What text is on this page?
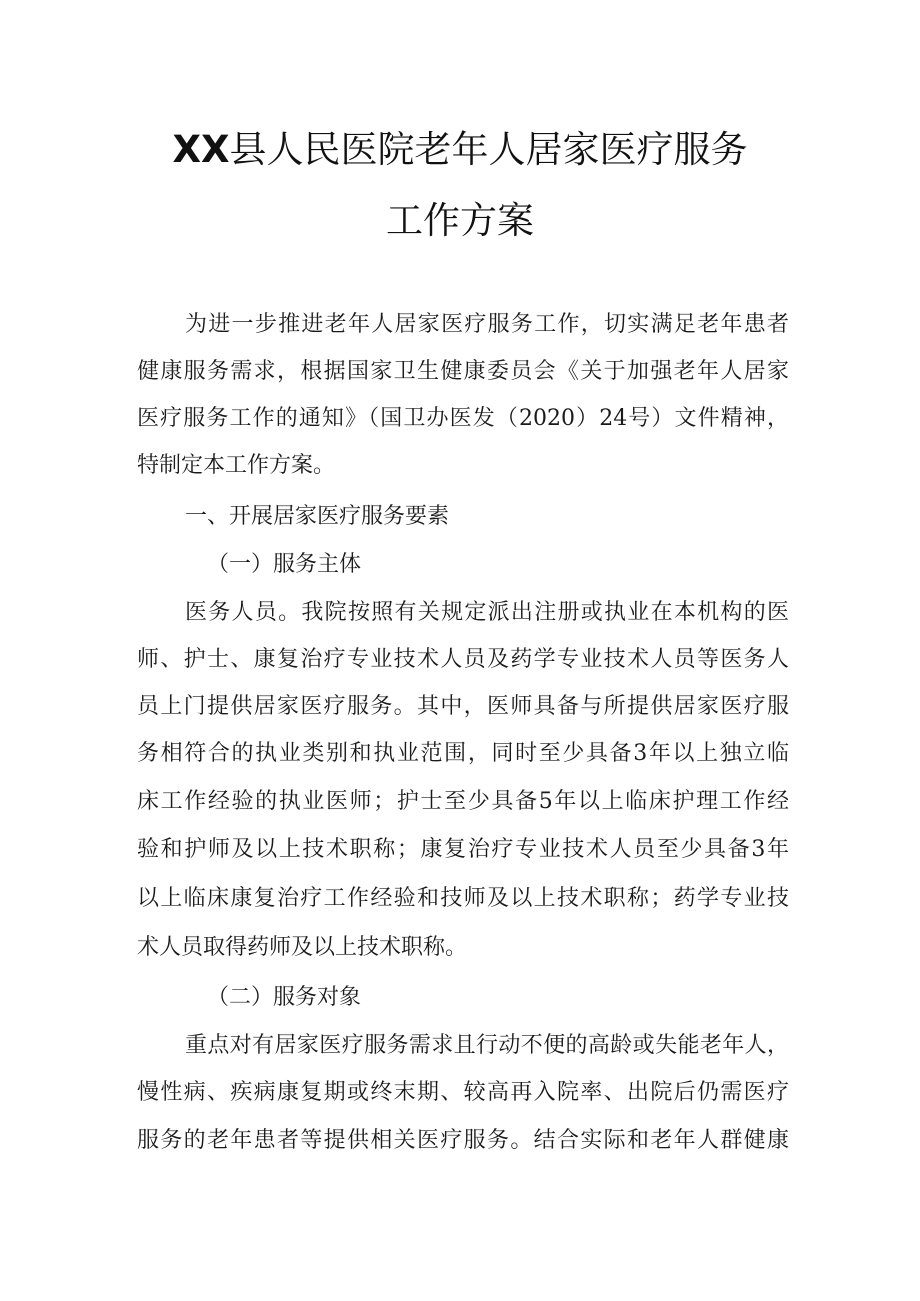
XX县人民医院老年人居家医疗服务
工作方案

为进一步推进老年人居家医疗服务工作，切实满足老年患者

健康服务需求，根据国家卫生健康委员会《关于加强老年人居家

医疗服务工作的通知》（国卫办医发（2020）24号）文件精神，

特制定本工作方案。

一、开展居家医疗服务要素

（一）服务主体

医务人员。我院按照有关规定派出注册或执业在本机构的医

师、护士、康复治疗专业技术人员及药学专业技术人员等医务人

员上门提供居家医疗服务。其中，医师具备与所提供居家医疗服

务相符合的执业类别和执业范围，同时至少具备3年以上独立临

床工作经验的执业医师；护士至少具备5年以上临床护理工作经

验和护师及以上技术职称；康复治疗专业技术人员至少具备3年

以上临床康复治疗工作经验和技师及以上技术职称；药学专业技

术人员取得药师及以上技术职称。

（二）服务对象

重点对有居家医疗服务需求且行动不便的高龄或失能老年人，

慢性病、疾病康复期或终末期、较高再入院率、出院后仍需医疗

服务的老年患者等提供相关医疗服务。结合实际和老年人群健康
